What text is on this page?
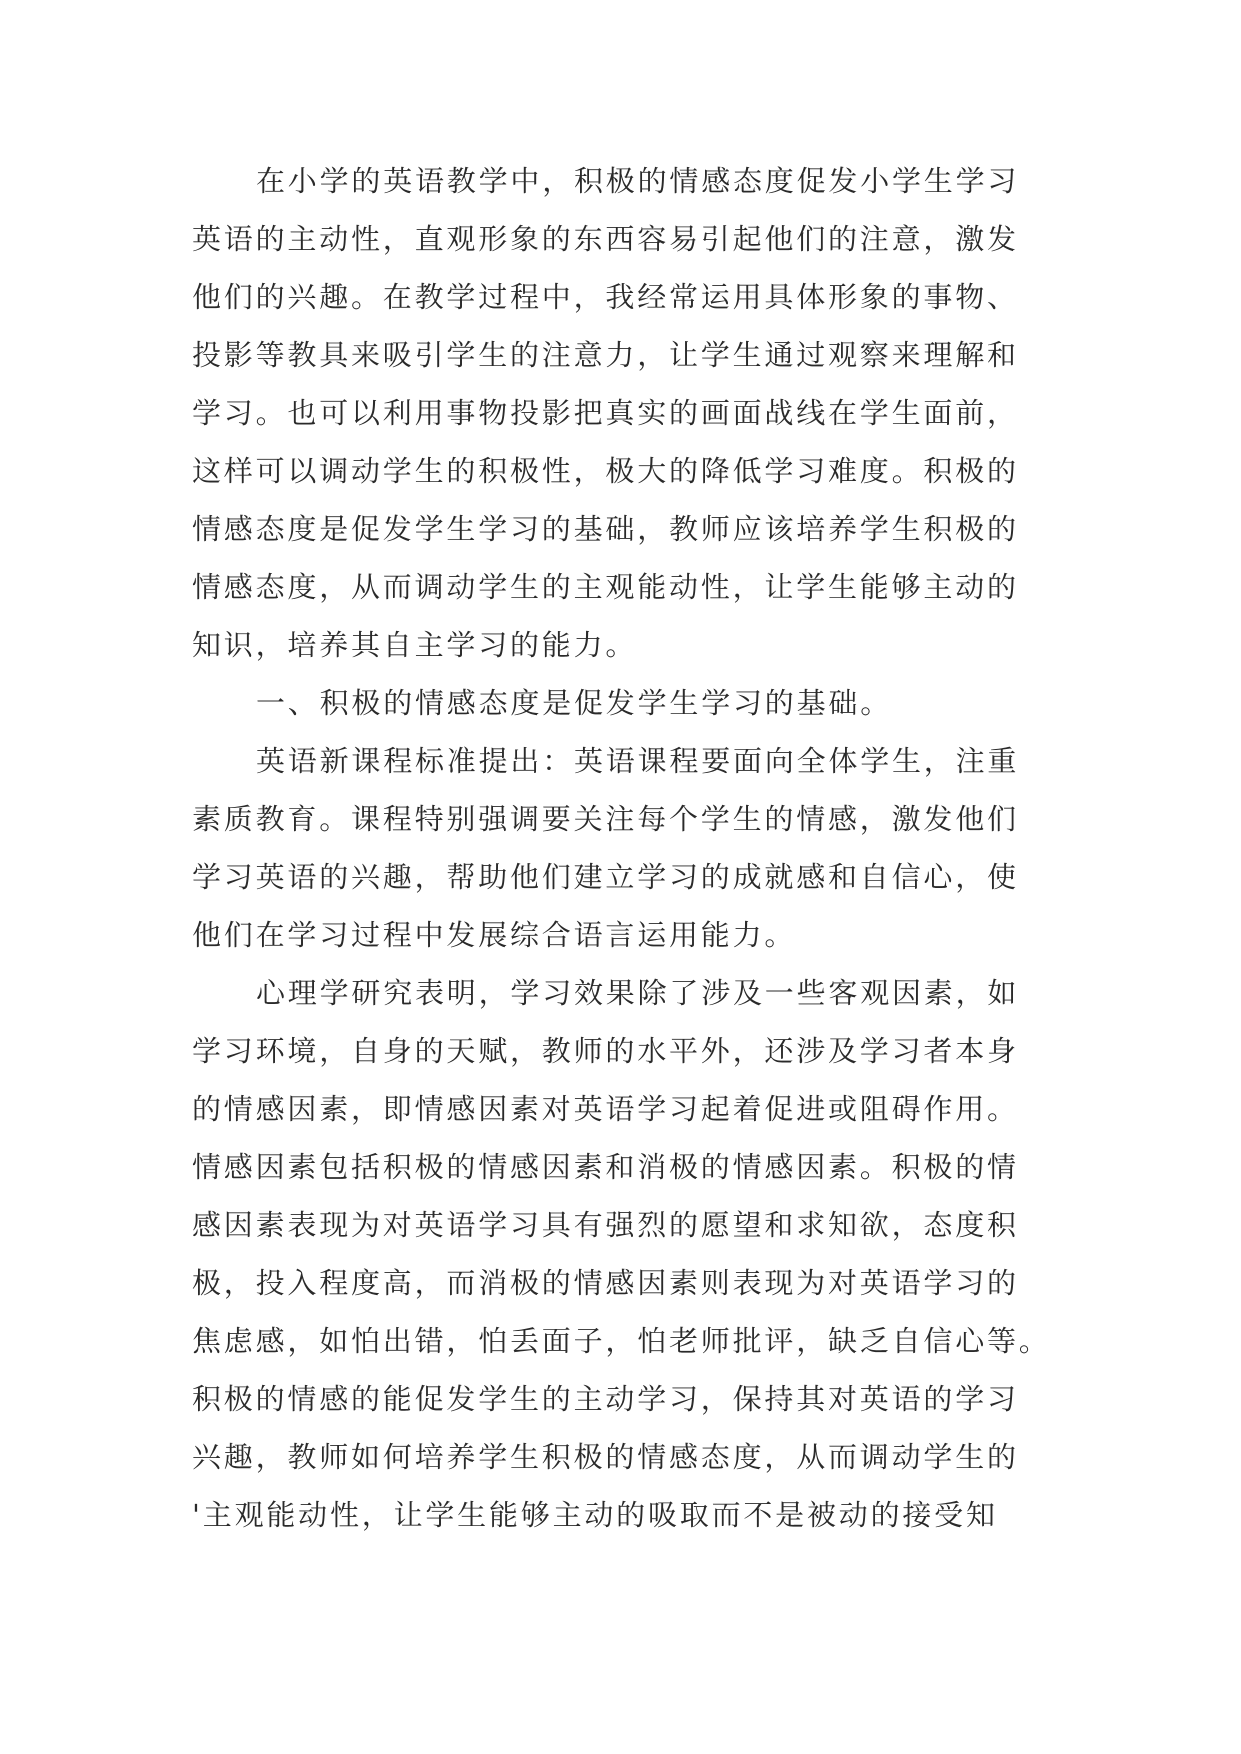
在小学的英语教学中，积极的情感态度促发小学生学习
英语的主动性，直观形象的东西容易引起他们的注意，激发
他们的兴趣。在教学过程中，我经常运用具体形象的事物、
投影等教具来吸引学生的注意力，让学生通过观察来理解和
学习。也可以利用事物投影把真实的画面战线在学生面前，
这样可以调动学生的积极性，极大的降低学习难度。积极的
情感态度是促发学生学习的基础，教师应该培养学生积极的
情感态度，从而调动学生的主观能动性，让学生能够主动的
知识，培养其自主学习的能力。
一、积极的情感态度是促发学生学习的基础。
英语新课程标准提出：英语课程要面向全体学生，注重
素质教育。课程特别强调要关注每个学生的情感，激发他们
学习英语的兴趣，帮助他们建立学习的成就感和自信心，使
他们在学习过程中发展综合语言运用能力。
心理学研究表明，学习效果除了涉及一些客观因素，如
学习环境，自身的天赋，教师的水平外，还涉及学习者本身
的情感因素，即情感因素对英语学习起着促进或阻碍作用。
情感因素包括积极的情感因素和消极的情感因素。积极的情
感因素表现为对英语学习具有强烈的愿望和求知欲，态度积
极，投入程度高，而消极的情感因素则表现为对英语学习的
焦虑感，如怕出错，怕丢面子，怕老师批评，缺乏自信心等。
积极的情感的能促发学生的主动学习，保持其对英语的学习
兴趣，教师如何培养学生积极的情感态度，从而调动学生的
'主观能动性，让学生能够主动的吸取而不是被动的接受知
